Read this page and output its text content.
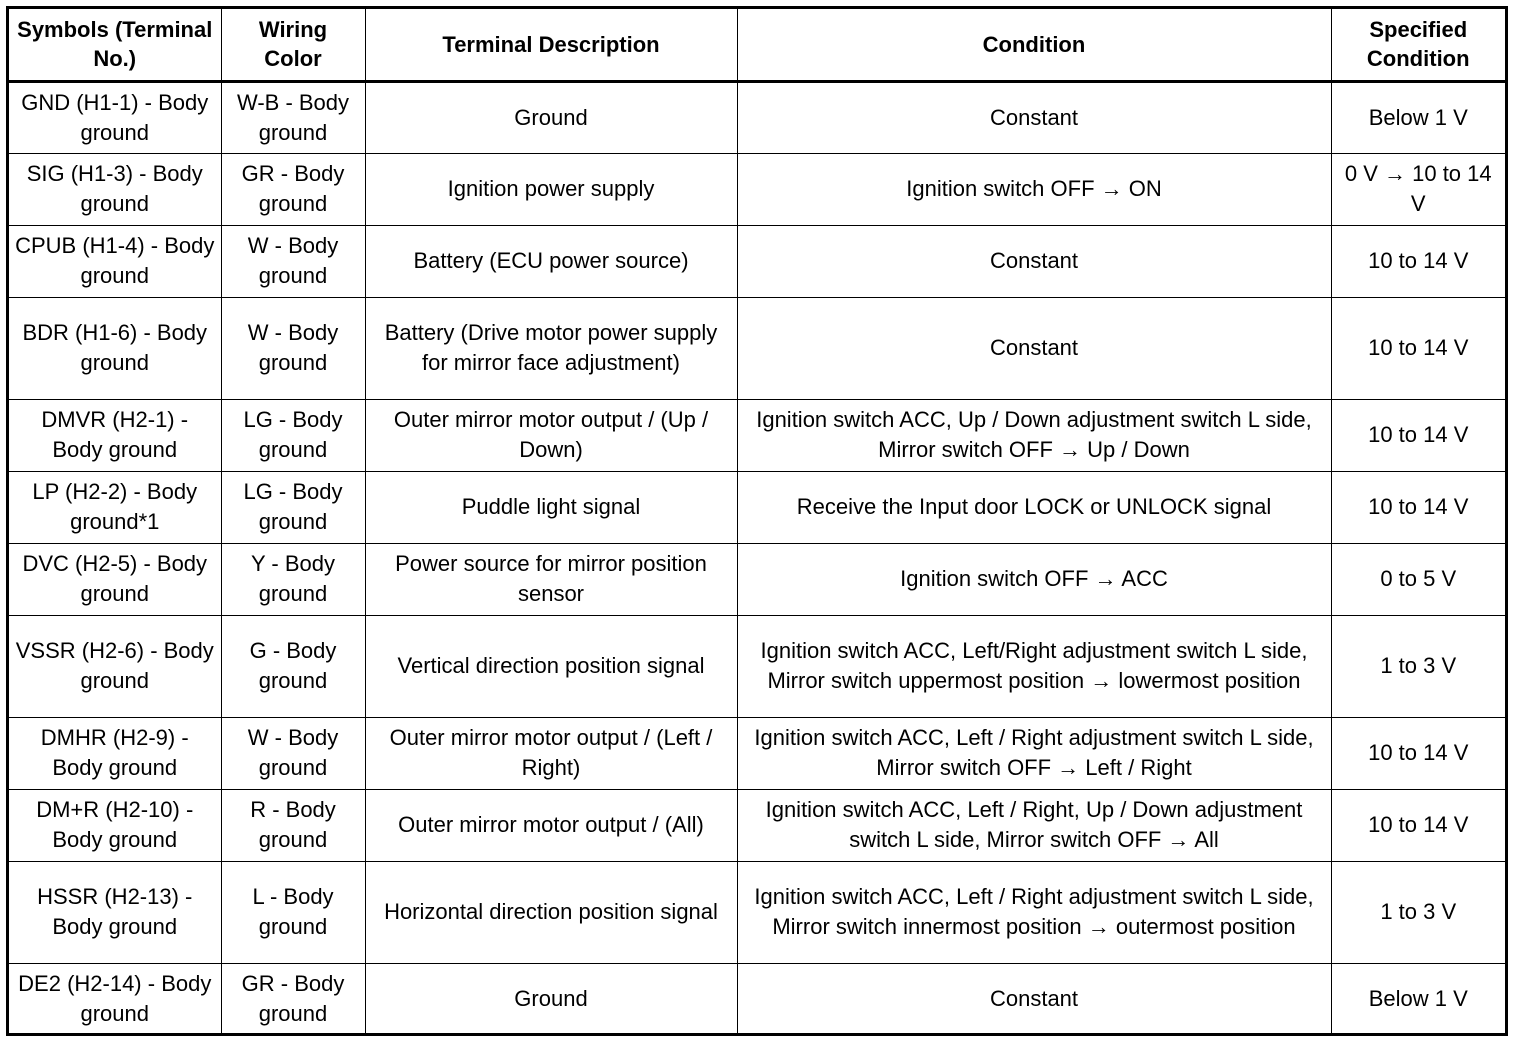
Symbols (Terminal No.)	Wiring Color	Terminal Description	Condition	Specified Condition
GND (H1-1) - Body ground	W-B - Body ground	Ground	Constant	Below 1 V
SIG (H1-3) - Body ground	GR - Body ground	Ignition power supply	Ignition switch OFF → ON	0 V → 10 to 14 V
CPUB (H1-4) - Body ground	W - Body ground	Battery (ECU power source)	Constant	10 to 14 V
BDR (H1-6) - Body ground	W - Body ground	Battery (Drive motor power supply for mirror face adjustment)	Constant	10 to 14 V
DMVR (H2-1) - Body ground	LG - Body ground	Outer mirror motor output / (Up / Down)	Ignition switch ACC, Up / Down adjustment switch L side, Mirror switch OFF → Up / Down	10 to 14 V
LP (H2-2) - Body ground*1	LG - Body ground	Puddle light signal	Receive the Input door LOCK or UNLOCK signal	10 to 14 V
DVC (H2-5) - Body ground	Y - Body ground	Power source for mirror position sensor	Ignition switch OFF → ACC	0 to 5 V
VSSR (H2-6) - Body ground	G - Body ground	Vertical direction position signal	Ignition switch ACC, Left/Right adjustment switch L side, Mirror switch uppermost position → lowermost position	1 to 3 V
DMHR (H2-9) - Body ground	W - Body ground	Outer mirror motor output / (Left / Right)	Ignition switch ACC, Left / Right adjustment switch L side, Mirror switch OFF → Left / Right	10 to 14 V
DM+R (H2-10) - Body ground	R - Body ground	Outer mirror motor output / (All)	Ignition switch ACC, Left / Right, Up / Down adjustment switch L side, Mirror switch OFF → All	10 to 14 V
HSSR (H2-13) - Body ground	L - Body ground	Horizontal direction position signal	Ignition switch ACC, Left / Right adjustment switch L side, Mirror switch innermost position → outermost position	1 to 3 V
DE2 (H2-14) - Body ground	GR - Body ground	Ground	Constant	Below 1 V
